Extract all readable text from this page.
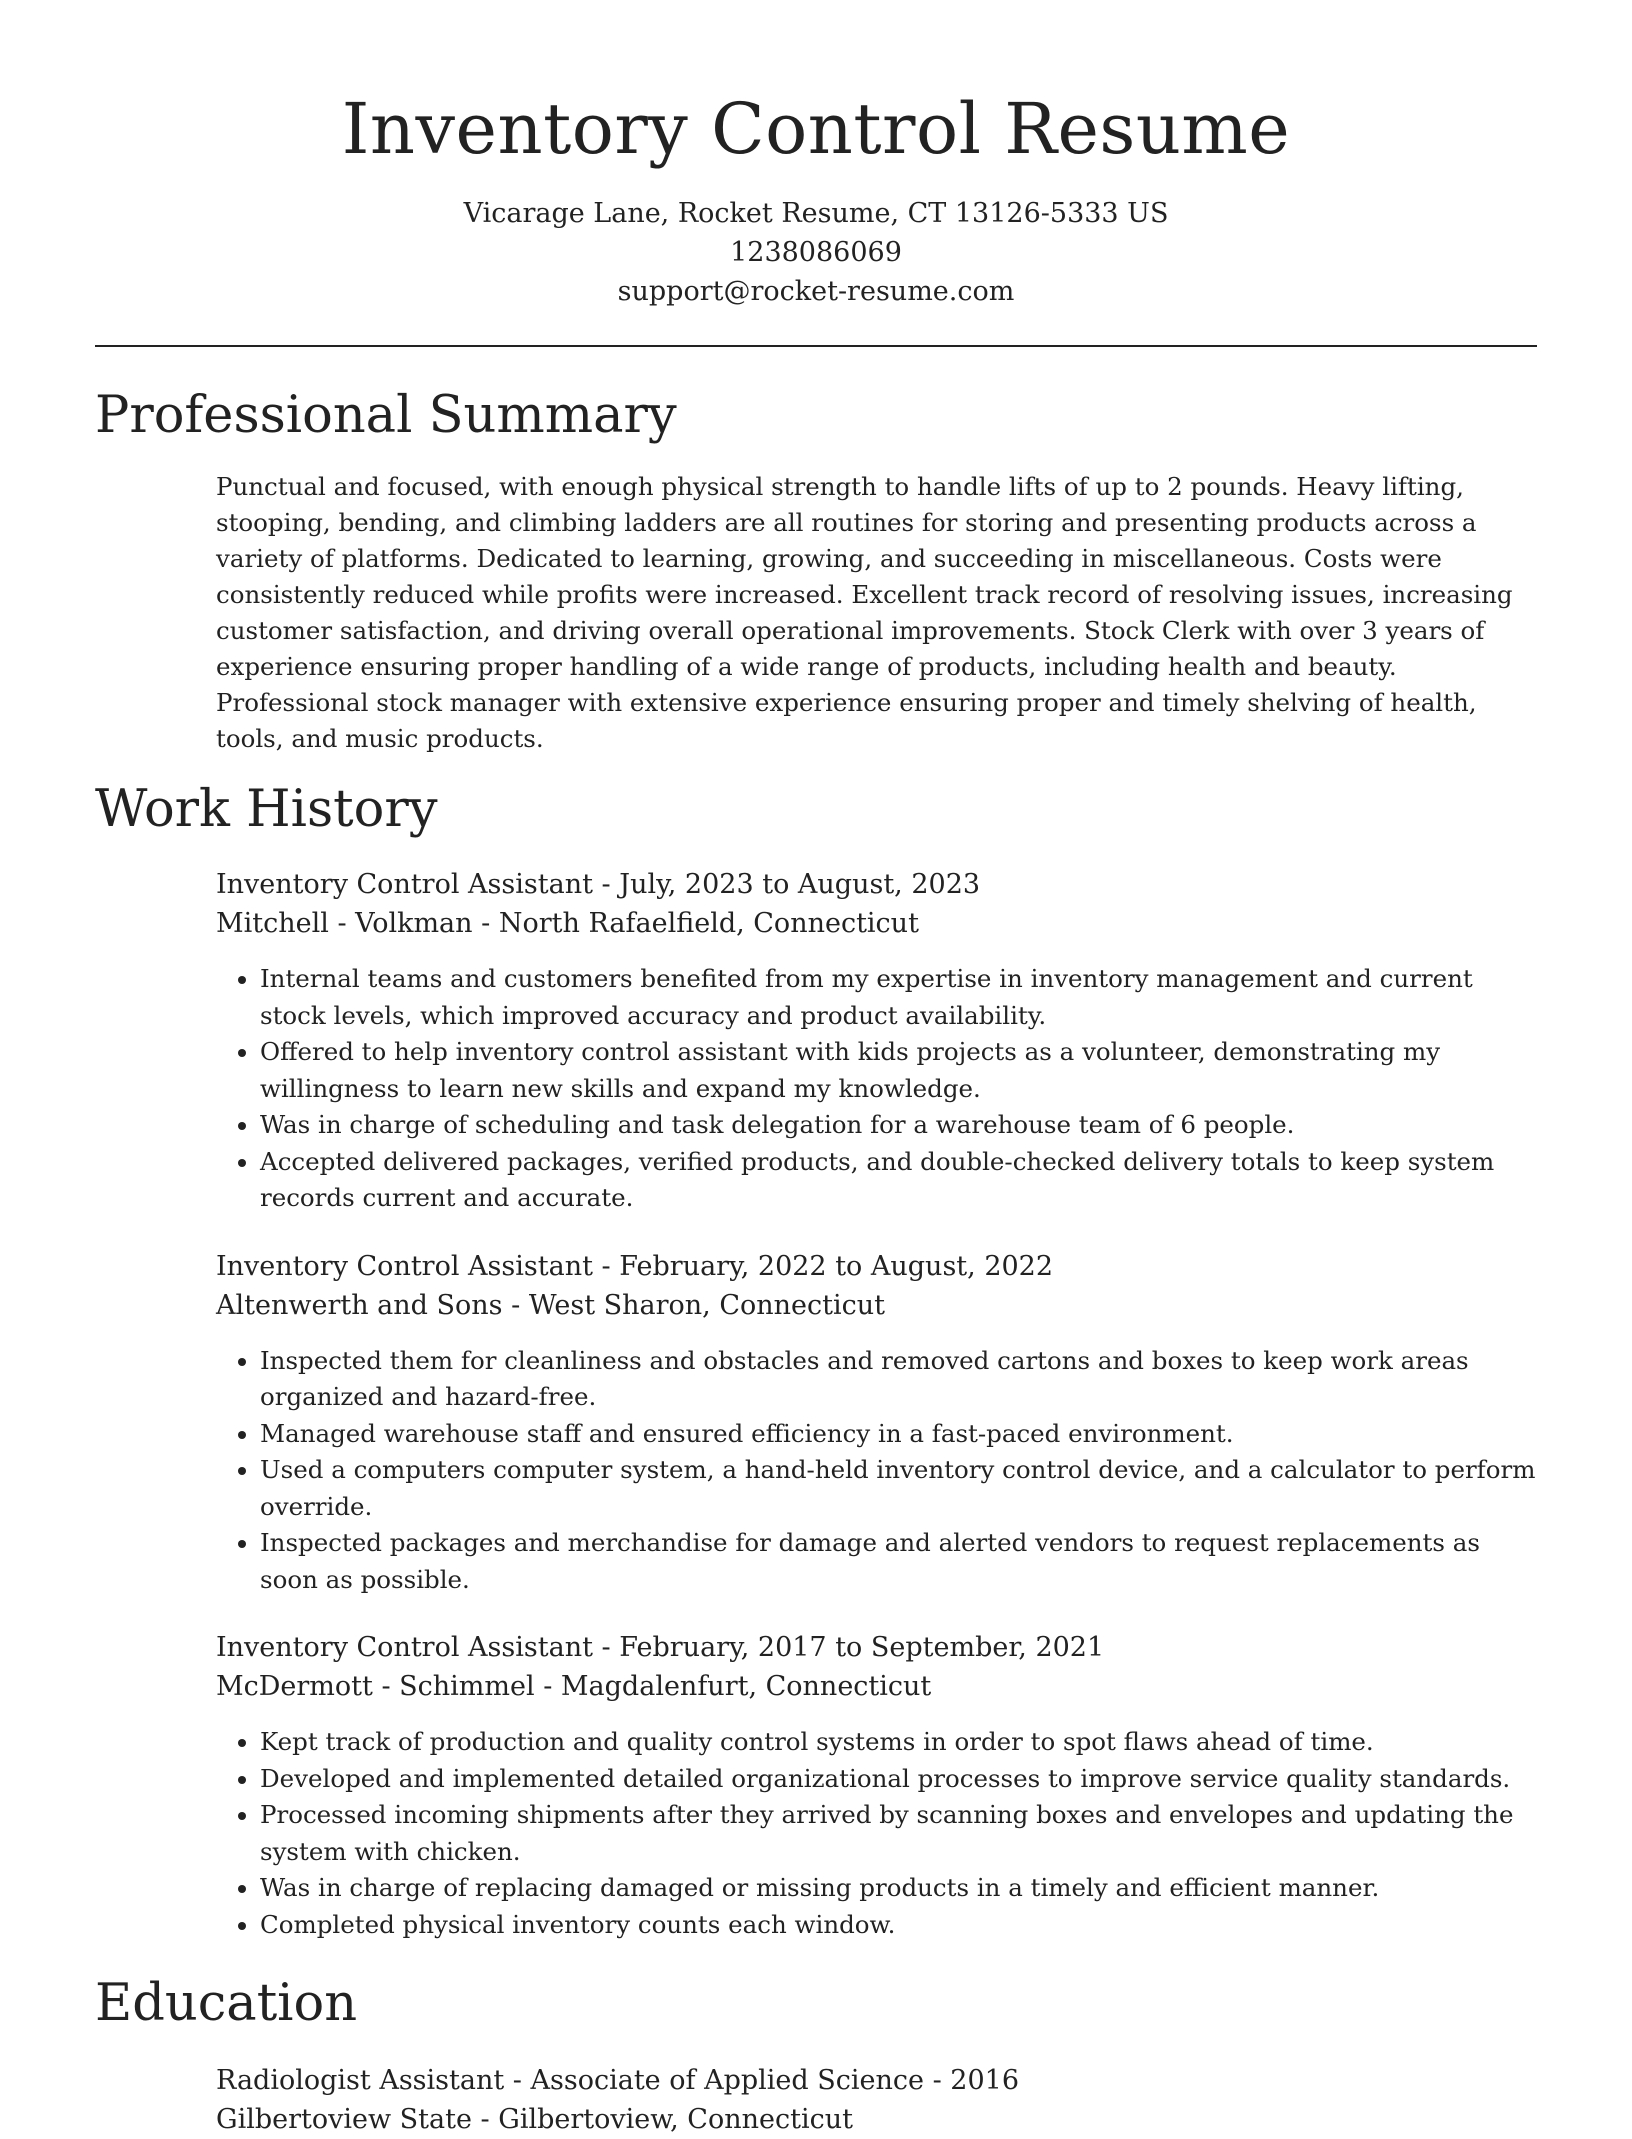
Inventory Control Resume

Vicarage Lane, Rocket Resume, CT 13126-5333 US

1238086069

support@rocket-resume.com

Professional Summary

Punctual and focused, with enough physical strength to handle lifts of up to 2 pounds. Heavy lifting, stooping, bending, and climbing ladders are all routines for storing and presenting products across a variety of platforms. Dedicated to learning, growing, and succeeding in miscellaneous. Costs were consistently reduced while profits were increased. Excellent track record of resolving issues, increasing customer satisfaction, and driving overall operational improvements. Stock Clerk with over 3 years of experience ensuring proper handling of a wide range of products, including health and beauty. Professional stock manager with extensive experience ensuring proper and timely shelving of health, tools, and music products.

Work History

Inventory Control Assistant - July, 2023 to August, 2023

Mitchell - Volkman - North Rafaelfield, Connecticut

• Internal teams and customers benefited from my expertise in inventory management and current stock levels, which improved accuracy and product availability.
• Offered to help inventory control assistant with kids projects as a volunteer, demonstrating my willingness to learn new skills and expand my knowledge.
• Was in charge of scheduling and task delegation for a warehouse team of 6 people.
• Accepted delivered packages, verified products, and double-checked delivery totals to keep system records current and accurate.

Inventory Control Assistant - February, 2022 to August, 2022

Altenwerth and Sons - West Sharon, Connecticut

• Inspected them for cleanliness and obstacles and removed cartons and boxes to keep work areas organized and hazard-free.
• Managed warehouse staff and ensured efficiency in a fast-paced environment.
• Used a computers computer system, a hand-held inventory control device, and a calculator to perform override.
• Inspected packages and merchandise for damage and alerted vendors to request replacements as soon as possible.

Inventory Control Assistant - February, 2017 to September, 2021

McDermott - Schimmel - Magdalenfurt, Connecticut

• Kept track of production and quality control systems in order to spot flaws ahead of time.
• Developed and implemented detailed organizational processes to improve service quality standards.
• Processed incoming shipments after they arrived by scanning boxes and envelopes and updating the system with chicken.
• Was in charge of replacing damaged or missing products in a timely and efficient manner.
• Completed physical inventory counts each window.
Education

Radiologist Assistant - Associate of Applied Science - 2016

Gilbertoview State - Gilbertoview, Connecticut
